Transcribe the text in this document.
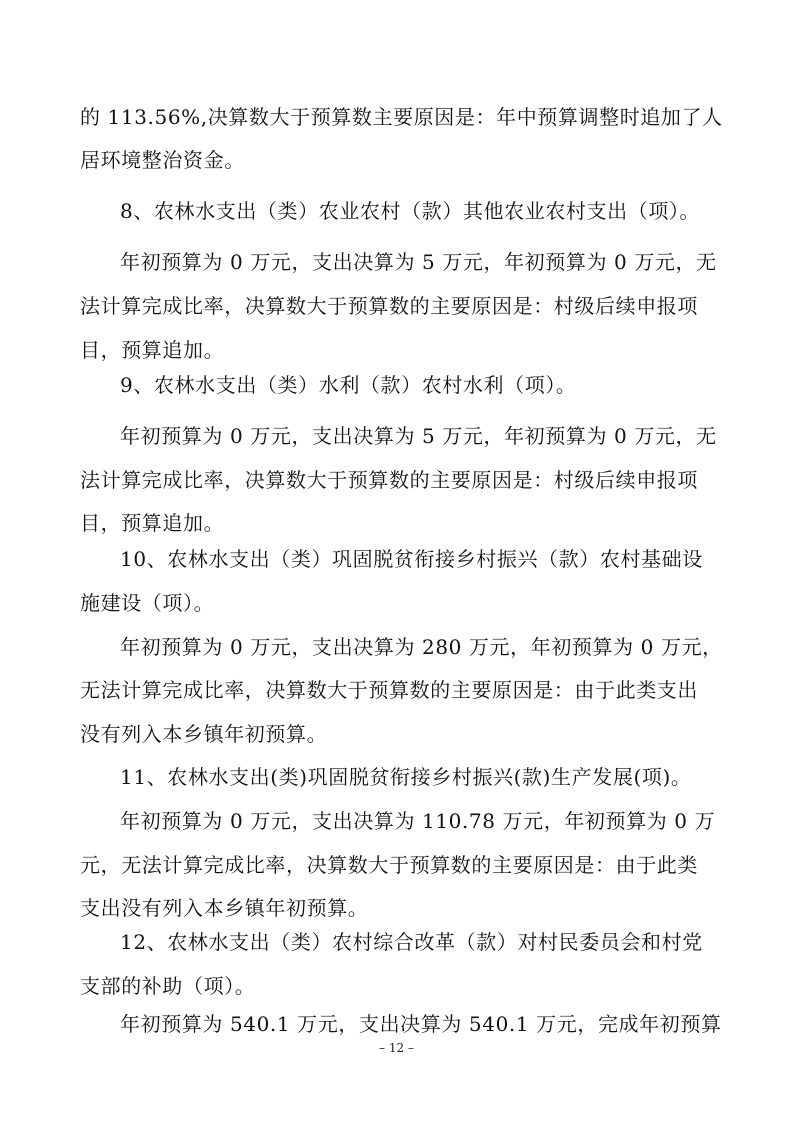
的 113.56%,决算数大于预算数主要原因是：年中预算调整时追加了人
居环境整治资金。
8、农林水支出（类）农业农村（款）其他农业农村支出（项）。
年初预算为 0 万元，支出决算为 5 万元，年初预算为 0 万元，无
法计算完成比率，决算数大于预算数的主要原因是：村级后续申报项
目，预算追加。
9、农林水支出（类）水利（款）农村水利（项）。
年初预算为 0 万元，支出决算为 5 万元，年初预算为 0 万元，无
法计算完成比率，决算数大于预算数的主要原因是：村级后续申报项
目，预算追加。
10、农林水支出（类）巩固脱贫衔接乡村振兴（款）农村基础设
施建设（项）。
年初预算为 0 万元，支出决算为 280 万元，年初预算为 0 万元，
无法计算完成比率，决算数大于预算数的主要原因是：由于此类支出
没有列入本乡镇年初预算。
11、农林水支出(类)巩固脱贫衔接乡村振兴(款)生产发展(项)。
年初预算为 0 万元，支出决算为 110.78 万元，年初预算为 0 万
元，无法计算完成比率，决算数大于预算数的主要原因是：由于此类
支出没有列入本乡镇年初预算。
12、农林水支出（类）农村综合改革（款）对村民委员会和村党
支部的补助（项）。
年初预算为 540.1 万元，支出决算为 540.1 万元，完成年初预算
– 12 –
